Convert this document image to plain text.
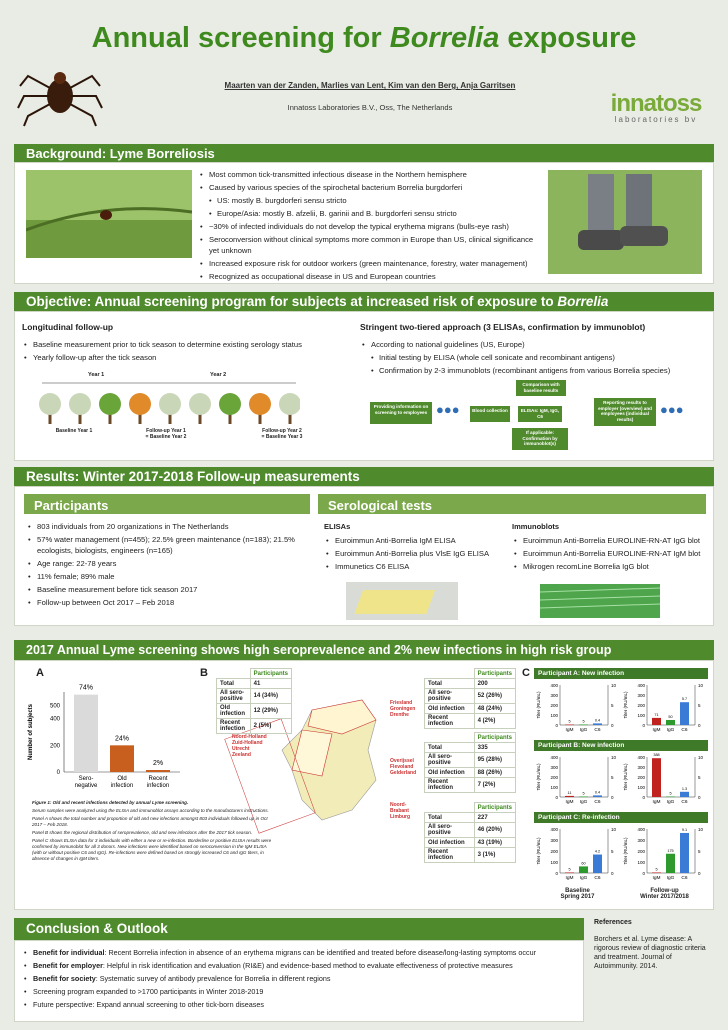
Annual screening for Borrelia exposure
Maarten van der Zanden, Marlies van Lent, Kim van den Berg, Anja Garritsen
Innatoss Laboratories B.V., Oss, The Netherlands	innatoss
laboratories bv
Background: Lyme Borreliosis
• Most common tick-transmitted infectious disease in the Northern hemisphere
• Caused by various species of the spirochetal bacterium Borrelia burgdorferi
• US: mostly B. burgdorferi sensu stricto
• Europe/Asia: mostly B. afzelii, B. garinii and B. burgdorferi sensu stricto
• ~30% of infected individuals do not develop the typical erythema migrans (bulls-eye rash)
• Seroconversion without clinical symptoms more common in Europe than US, clinical significance yet unknown
• Increased exposure risk for outdoor workers (green maintenance, forestry, water management)
• Recognized as occupational disease in US and European countries
Objective: Annual screening program for subjects at increased risk of exposure to Borrelia
Longitudinal follow-up
• Baseline measurement prior to tick season to determine existing serology status
• Yearly follow-up after the tick season
Year 1	Year 2
Baseline Year 1	Follow-up Year 1
= Baseline Year 2
Follow-up Year 2
= Baseline Year 3
Stringent two-tiered approach (3 ELISAs, confirmation by immunoblot)
• According to national guidelines (US, Europe)
• Initial testing by ELISA (whole cell sonicate and recombinant antigens)
• Confirmation by 2-3 immunoblots (recombinant antigens from various Borrelia species)
Providing information on screening to employees ●●●	Blood collection	ELISAs: IgM, IgG, C6
Comparison with baseline results
If applicable: Confirmation by immunoblot(s)
Reporting results to employer (overview) and employees (individual results)
●●●
Results: Winter 2017-2018 Follow-up measurements
Participants
• 803 individuals from 20 organizations in The Netherlands
• 57% water management (n=455); 22.5% green maintenance (n=183); 21.5% ecologists, biologists, engineers (n=165)
• Age range: 22-78 years
• 11% female; 89% male
• Baseline measurement before tick season 2017
• Follow-up between Oct 2017 – Feb 2018
Serological tests
ELISAs
• Euroimmun Anti-Borrelia IgM ELISA
• Euroimmun Anti-Borrelia plus VlsE IgG ELISA
• Immunetics C6 ELISA
Immunoblots
• Euroimmun Anti-Borrelia EUROLINE-RN-AT IgG blot
• Euroimmun Anti-Borrelia EUROLINE-RN-AT IgM blot
• Mikrogen recomLine Borrelia IgG blot
2017 Annual Lyme screening shows high seroprevalence and 2% new infections in high risk group
A
0
200
400
500
Number of subjects
74%
Sero-
negative
24%
Old
infection
2%
Recent
infection
B
Figure 1: Old and recent infections detected by annual Lyme screening.
Serum samples were analyzed using the ELISA and immunoblot assays according to the manufacturers instructions.
Panel A shows the total number and proportion of old and new infections amongst 803 individuals followed up in Oct 2017 – Feb 2018.
Panel B shows the regional distribution of seroprevalence, old and new infections after the 2017 tick season.
Panel C shows ELISA data for 3 individuals with either a new or re-infection. Borderline or positive ELISA results were confirmed by immunoblot for all 3 donors. New infections were identified based on seroconversion in the IgM ELISA (with or without positive C6 and IgG). Re-infections were defined based on strongly increased C6 and IgG titers, in absence of changes in IgM titers.
	Participants
Total	41
All sero-positive	14 (34%)
Old infection	12 (29%)
Recent infection	2 (5%)
Noord-Holland
Zuid-Holland
Utrecht
Zeeland
	Participants
Total	200
All sero-positive	52 (26%)
Old infection	48 (24%)
Recent infection	4 (2%)
Friesland
Groningen
Drenthe
	Participants
Total	335
All sero-positive	95 (28%)
Old infection	88 (26%)
Recent infection	7 (2%)
Overijssel
Flevoland
Gelderland
	Participants
Total	227
All sero-positive	46 (20%)
Old infection	43 (19%)
Recent infection	3 (1%)
Noord-
Brabant
Limburg
C	Participant A: New infection
0
100
200
300
400
0
5
10
Titer (RU/mL)
5
IgM
5
IgG
0.4
C6
0
100
200
300
400
0
5
10
Titer (RU/mL)	71
IgM
50
IgG
5.7
C6
Participant B: New infection
0
100
200
300
400
0
5
10
Titer (RU/mL)
11
IgM
5
IgG
0.4
C6
0
100
200
300
400
0
5
10
Titer (RU/mL)
388
IgM
5
IgG
1.3
C6
Participant C: Re-infection
0
100
200
300
400
0
5
10
Titer (RU/mL)
5
IgM
60
IgG
4.2
C6
0
100
200
300
400
0
5
10
Titer (RU/mL)
5
IgM
175
IgG
9.1
C6
Baseline
Spring 2017
Follow-up
Winter 2017/2018
Conclusion & Outlook
• Benefit for individual: Recent Borrelia infection in absence of an erythema migrans can be identified and treated before disease/long-lasting symptoms occur
• Benefit for employer: Helpful in risk identification and evaluation (RI&E) and evidence-based method to evaluate effectiveness of protective measures
• Benefit for society: Systematic survey of antibody prevalence for Borrelia in different regions
• Screening program expanded to >1700 participants in Winter 2018-2019
• Future perspective: Expand annual screening to other tick-born diseases
References
Borchers et al. Lyme disease: A rigorous review of diagnostic criteria and treatment. Journal of Autoimmunity. 2014.
